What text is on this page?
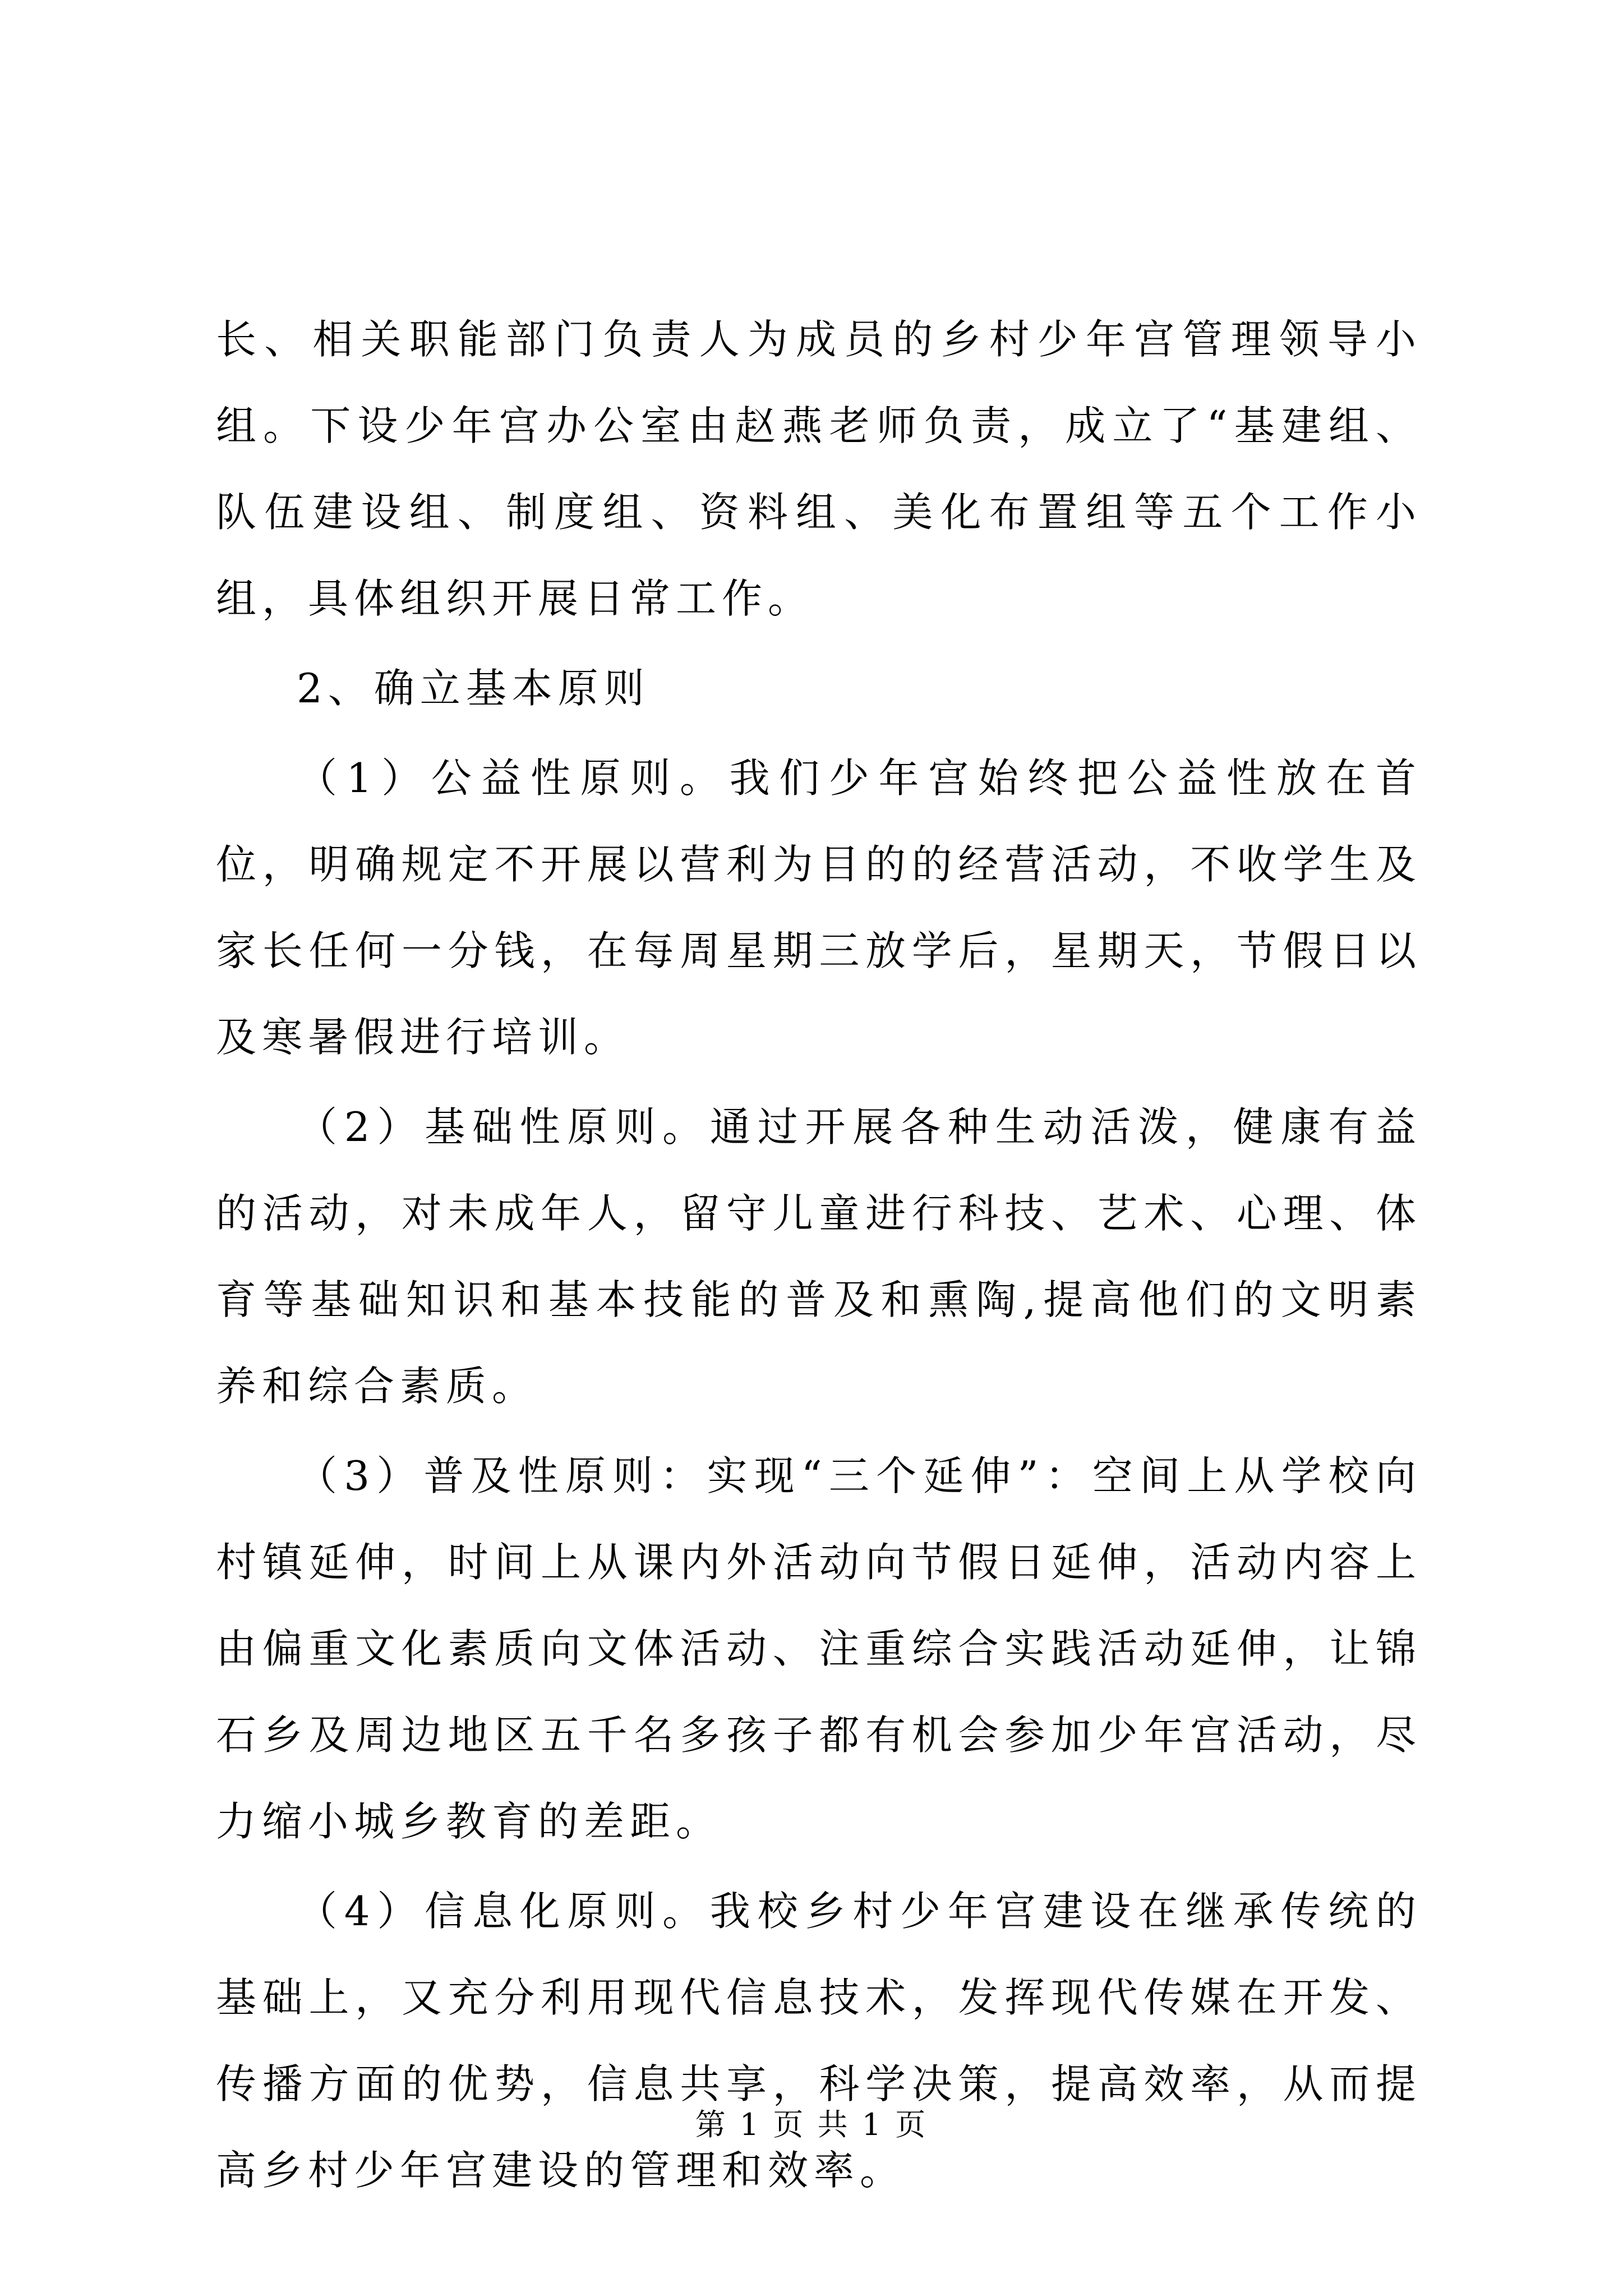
长、相关职能部门负责人为成员的乡村少年宫管理领导小组。下设少年宫办公室由赵燕老师负责，成立了“基建组、队伍建设组、制度组、资料组、美化布置组等五个工作小组，具体组织开展日常工作。

2、确立基本原则

（1）公益性原则。我们少年宫始终把公益性放在首位，明确规定不开展以营利为目的的经营活动，不收学生及家长任何一分钱，在每周星期三放学后，星期天，节假日以及寒暑假进行培训。

（2）基础性原则。通过开展各种生动活泼，健康有益的活动，对未成年人，留守儿童进行科技、艺术、心理、体育等基础知识和基本技能的普及和熏陶,提高他们的文明素养和综合素质。

（3）普及性原则：实现“三个延伸”：空间上从学校向村镇延伸，时间上从课内外活动向节假日延伸，活动内容上由偏重文化素质向文体活动、注重综合实践活动延伸，让锦石乡及周边地区五千名多孩子都有机会参加少年宫活动，尽力缩小城乡教育的差距。

（4）信息化原则。我校乡村少年宫建设在继承传统的基础上，又充分利用现代信息技术，发挥现代传媒在开发、传播方面的优势，信息共享，科学决策，提高效率，从而提高乡村少年宫建设的管理和效率。

第 1 页 共 1 页
